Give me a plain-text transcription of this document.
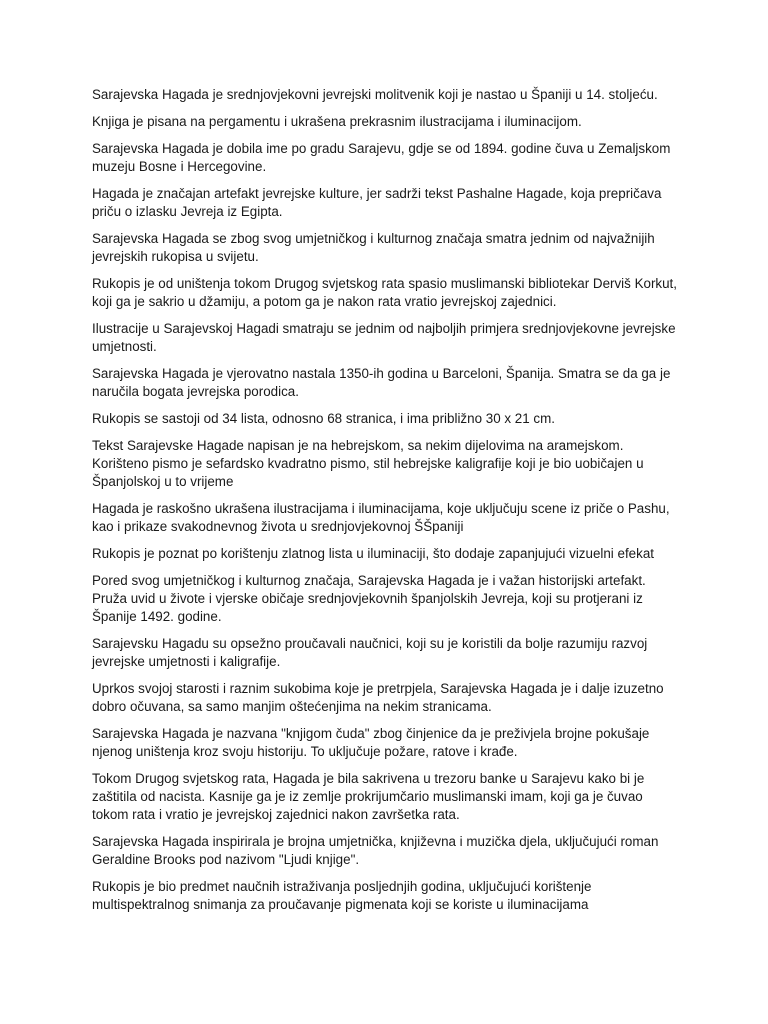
Sarajevska Hagada je srednjovjekovni jevrejski molitvenik koji je nastao u Španiji u 14. stoljeću.

Knjiga je pisana na pergamentu i ukrašena prekrasnim ilustracijama i iluminacijom.

Sarajevska Hagada je dobila ime po gradu Sarajevu, gdje se od 1894. godine čuva u Zemaljskom muzeju Bosne i Hercegovine.

Hagada je značajan artefakt jevrejske kulture, jer sadrži tekst Pashalne Hagade, koja prepričava priču o izlasku Jevreja iz Egipta.

Sarajevska Hagada se zbog svog umjetničkog i kulturnog značaja smatra jednim od najvažnijih jevrejskih rukopisa u svijetu.

Rukopis je od uništenja tokom Drugog svjetskog rata spasio muslimanski bibliotekar Derviš Korkut, koji ga je sakrio u džamiju, a potom ga je nakon rata vratio jevrejskoj zajednici.

Ilustracije u Sarajevskoj Hagadi smatraju se jednim od najboljih primjera srednjovjekovne jevrejske umjetnosti.

Sarajevska Hagada je vjerovatno nastala 1350-ih godina u Barceloni, Španija. Smatra se da ga je naručila bogata jevrejska porodica.

Rukopis se sastoji od 34 lista, odnosno 68 stranica, i ima približno 30 x 21 cm.

Tekst Sarajevske Hagade napisan je na hebrejskom, sa nekim dijelovima na aramejskom. Korišteno pismo je sefardsko kvadratno pismo, stil hebrejske kaligrafije koji je bio uobičajen u Španjolskoj u to vrijeme

Hagada je raskošno ukrašena ilustracijama i iluminacijama, koje uključuju scene iz priče o Pashu, kao i prikaze svakodnevnog života u srednjovjekovnoj ŠŠpaniji

Rukopis je poznat po korištenju zlatnog lista u iluminaciji, što dodaje zapanjujući vizuelni efekat

Pored svog umjetničkog i kulturnog značaja, Sarajevska Hagada je i važan historijski artefakt. Pruža uvid u živote i vjerske običaje srednjovjekovnih španjolskih Jevreja, koji su protjerani iz Španije 1492. godine.

Sarajevsku Hagadu su opsežno proučavali naučnici, koji su je koristili da bolje razumiju razvoj jevrejske umjetnosti i kaligrafije.

Uprkos svojoj starosti i raznim sukobima koje je pretrpjela, Sarajevska Hagada je i dalje izuzetno dobro očuvana, sa samo manjim oštećenjima na nekim stranicama.

Sarajevska Hagada je nazvana "knjigom čuda" zbog činjenice da je preživjela brojne pokušaje njenog uništenja kroz svoju historiju. To uključuje požare, ratove i krađe.

Tokom Drugog svjetskog rata, Hagada je bila sakrivena u trezoru banke u Sarajevu kako bi je zaštitila od nacista. Kasnije ga je iz zemlje prokrijumčario muslimanski imam, koji ga je čuvao tokom rata i vratio je jevrejskoj zajednici nakon završetka rata.

Sarajevska Hagada inspirirala je brojna umjetnička, književna i muzička djela, uključujući roman Geraldine Brooks pod nazivom "Ljudi knjige".

Rukopis je bio predmet naučnih istraživanja posljednjih godina, uključujući korištenje multispektralnog snimanja za proučavanje pigmenata koji se koriste u iluminacijama
